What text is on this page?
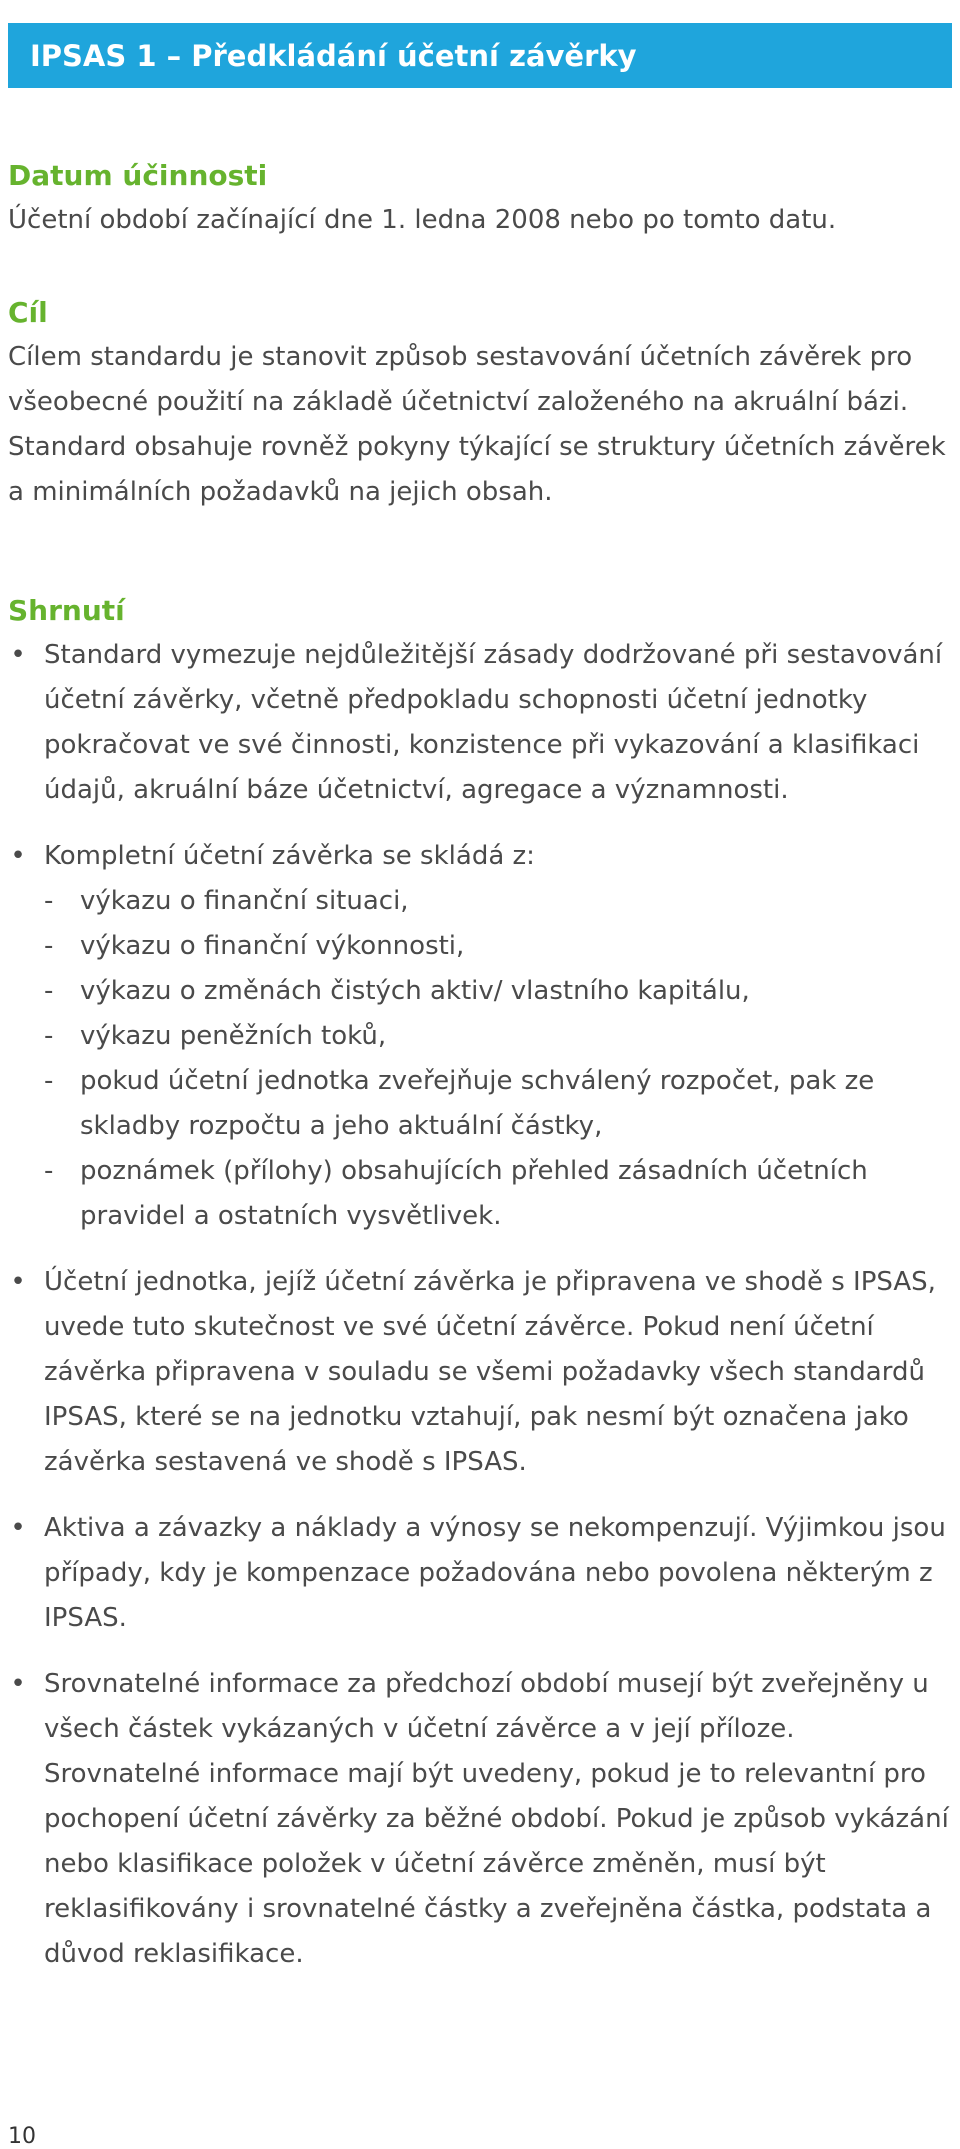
IPSAS 1 – Předkládání účetní závěrky
Datum účinnosti
Účetní období začínající dne 1. ledna 2008 nebo po tomto datu.
Cíl
Cílem standardu je stanovit způsob sestavování účetních závěrek pro všeobecné použití na základě účetnictví založeného na akruální bázi. Standard obsahuje rovněž pokyny týkající se struktury účetních závěrek a minimálních požadavků na jejich obsah.
Shrnutí
• Standard vymezuje nejdůležitější zásady dodržované při sestavování účetní závěrky, včetně předpokladu schopnosti účetní jednotky pokračovat ve své činnosti, konzistence při vykazování a klasifikaci údajů, akruální báze účetnictví, agregace a významnosti.
• Kompletní účetní závěrka se skládá z:
- výkazu o finanční situaci,
- výkazu o finanční výkonnosti,
- výkazu o změnách čistých aktiv/ vlastního kapitálu,
- výkazu peněžních toků,
- pokud účetní jednotka zveřejňuje schválený rozpočet, pak ze skladby rozpočtu a jeho aktuální částky,
- poznámek (přílohy) obsahujících přehled zásadních účetních pravidel a ostatních vysvětlivek.
• Účetní jednotka, jejíž účetní závěrka je připravena ve shodě s IPSAS, uvede tuto skutečnost ve své účetní závěrce. Pokud není účetní závěrka připravena v souladu se všemi požadavky všech standardů IPSAS, které se na jednotku vztahují, pak nesmí být označena jako závěrka sestavená ve shodě s IPSAS.
• Aktiva a závazky a náklady a výnosy se nekompenzují. Výjimkou jsou případy, kdy je kompenzace požadována nebo povolena některým z IPSAS.
• Srovnatelné informace za předchozí období musejí být zveřejněny u všech částek vykázaných v účetní závěrce a v její příloze. Srovnatelné informace mají být uvedeny, pokud je to relevantní pro pochopení účetní závěrky za běžné období. Pokud je způsob vykázání nebo klasifikace položek v účetní závěrce změněn, musí být reklasifikovány i srovnatelné částky a zveřejněna částka, podstata a důvod reklasifikace.
10
